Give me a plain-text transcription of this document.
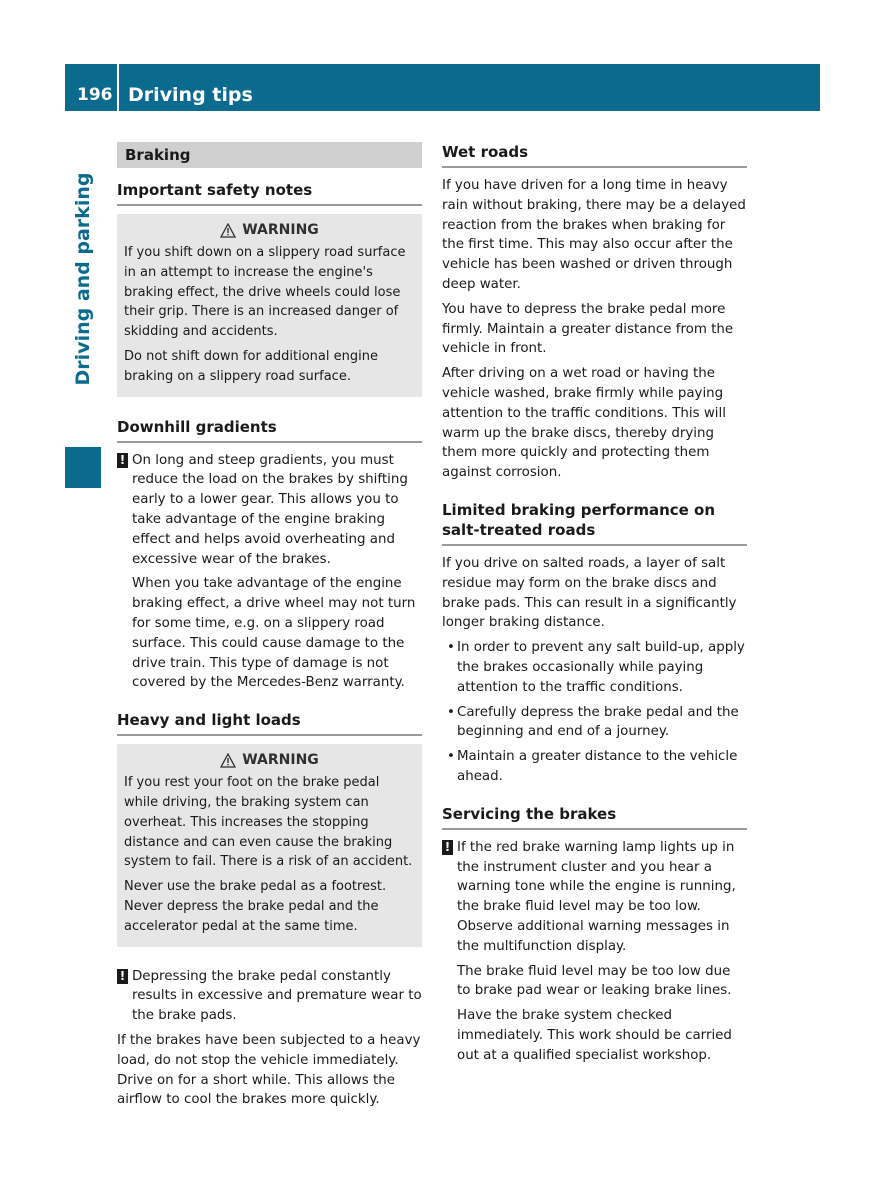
196 Driving tips
Driving and parking
Braking
Important safety notes
WARNING

If you shift down on a slippery road surface in an attempt to increase the engine's braking effect, the drive wheels could lose their grip. There is an increased danger of skidding and accidents.

Do not shift down for additional engine braking on a slippery road surface.

Downhill gradients
! On long and steep gradients, you must reduce the load on the brakes by shifting early to a lower gear. This allows you to take advantage of the engine braking effect and helps avoid overheating and excessive wear of the brakes.

When you take advantage of the engine braking effect, a drive wheel may not turn for some time, e.g. on a slippery road surface. This could cause damage to the drive train. This type of damage is not covered by the Mercedes-Benz warranty.

Heavy and light loads
WARNING

If you rest your foot on the brake pedal while driving, the braking system can overheat. This increases the stopping distance and can even cause the braking system to fail. There is a risk of an accident.

Never use the brake pedal as a footrest. Never depress the brake pedal and the accelerator pedal at the same time.

! Depressing the brake pedal constantly results in excessive and premature wear to the brake pads.

If the brakes have been subjected to a heavy load, do not stop the vehicle immediately. Drive on for a short while. This allows the airflow to cool the brakes more quickly.

Wet roads

If you have driven for a long time in heavy rain without braking, there may be a delayed reaction from the brakes when braking for the first time. This may also occur after the vehicle has been washed or driven through deep water.

You have to depress the brake pedal more firmly. Maintain a greater distance from the vehicle in front.

After driving on a wet road or having the vehicle washed, brake firmly while paying attention to the traffic conditions. This will warm up the brake discs, thereby drying them more quickly and protecting them against corrosion.

Limited braking performance on salt-treated roads

If you drive on salted roads, a layer of salt residue may form on the brake discs and brake pads. This can result in a significantly longer braking distance.

• In order to prevent any salt build-up, apply the brakes occasionally while paying attention to the traffic conditions.

• Carefully depress the brake pedal and the beginning and end of a journey.

• Maintain a greater distance to the vehicle ahead.

Servicing the brakes
! If the red brake warning lamp lights up in the instrument cluster and you hear a warning tone while the engine is running, the brake fluid level may be too low. Observe additional warning messages in the multifunction display.

The brake fluid level may be too low due to brake pad wear or leaking brake lines.

Have the brake system checked immediately. This work should be carried out at a qualified specialist workshop.
